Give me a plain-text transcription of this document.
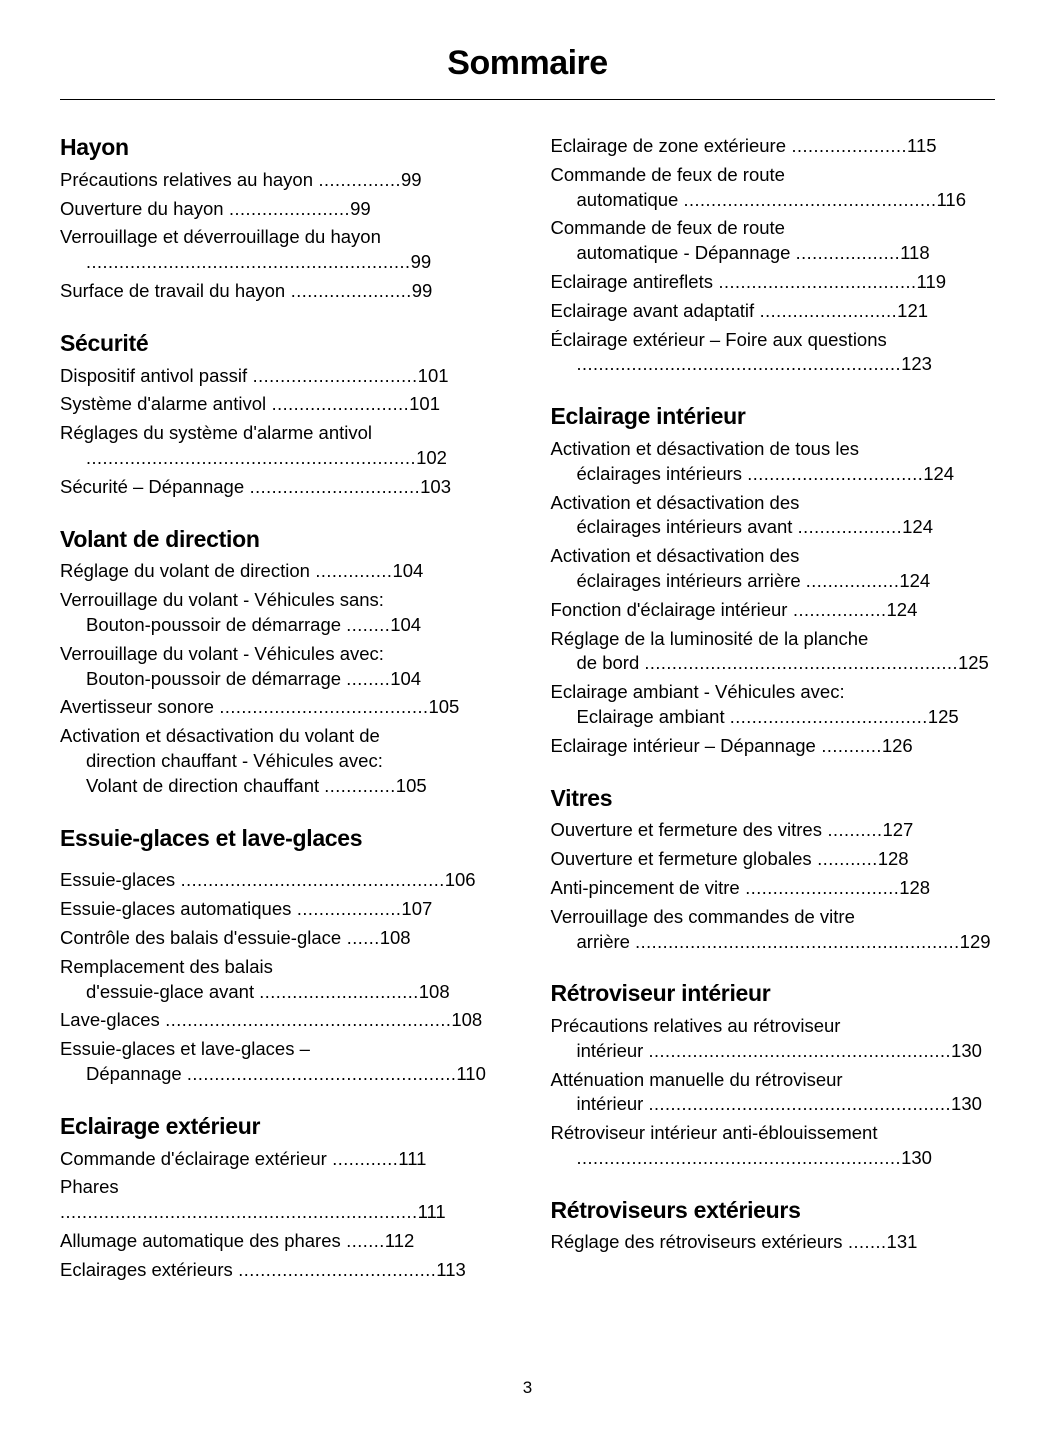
Sommaire
Hayon
Précautions relatives au hayon ...............99
Ouverture du hayon ......................99
Verrouillage et déverrouillage du hayon
...........................................................99
Surface de travail du hayon ......................99
Sécurité
Dispositif antivol passif ..............................101
Système d'alarme antivol .........................101
Réglages du système d'alarme antivol
............................................................102
Sécurité – Dépannage ...............................103
Volant de direction
Réglage du volant de direction ..............104
Verrouillage du volant - Véhicules sans:
Bouton-poussoir de démarrage ........104
Verrouillage du volant - Véhicules avec:
Bouton-poussoir de démarrage ........104
Avertisseur sonore ......................................105
Activation et désactivation du volant de
direction chauffant - Véhicules avec:
Volant de direction chauffant .............105
Essuie-glaces et lave-glaces
Essuie-glaces ................................................106
Essuie-glaces automatiques ...................107
Contrôle des balais d'essuie-glace ......108
Remplacement des balais
d'essuie-glace avant .............................108
Lave-glaces ....................................................108
Essuie-glaces et lave-glaces –
Dépannage .................................................110
Eclairage extérieur
Commande d'éclairage extérieur ............111
Phares .................................................................111
Allumage automatique des phares .......112
Eclairages extérieurs ....................................113
Eclairage de zone extérieure .....................115
Commande de feux de route
automatique ..............................................116
Commande de feux de route
automatique - Dépannage ...................118
Eclairage antireflets ....................................119
Eclairage avant adaptatif .........................121
Éclairage extérieur – Foire aux questions
...........................................................123
Eclairage intérieur
Activation et désactivation de tous les
éclairages intérieurs ................................124
Activation et désactivation des
éclairages intérieurs avant ...................124
Activation et désactivation des
éclairages intérieurs arrière .................124
Fonction d'éclairage intérieur .................124
Réglage de la luminosité de la planche
de bord .........................................................125
Eclairage ambiant - Véhicules avec:
Eclairage ambiant ....................................125
Eclairage intérieur – Dépannage ...........126
Vitres
Ouverture et fermeture des vitres ..........127
Ouverture et fermeture globales ...........128
Anti-pincement de vitre ............................128
Verrouillage des commandes de vitre
arrière ...........................................................129
Rétroviseur intérieur
Précautions relatives au rétroviseur
intérieur .......................................................130
Atténuation manuelle du rétroviseur
intérieur .......................................................130
Rétroviseur intérieur anti-éblouissement
...........................................................130
Rétroviseurs extérieurs
Réglage des rétroviseurs extérieurs .......131
3
